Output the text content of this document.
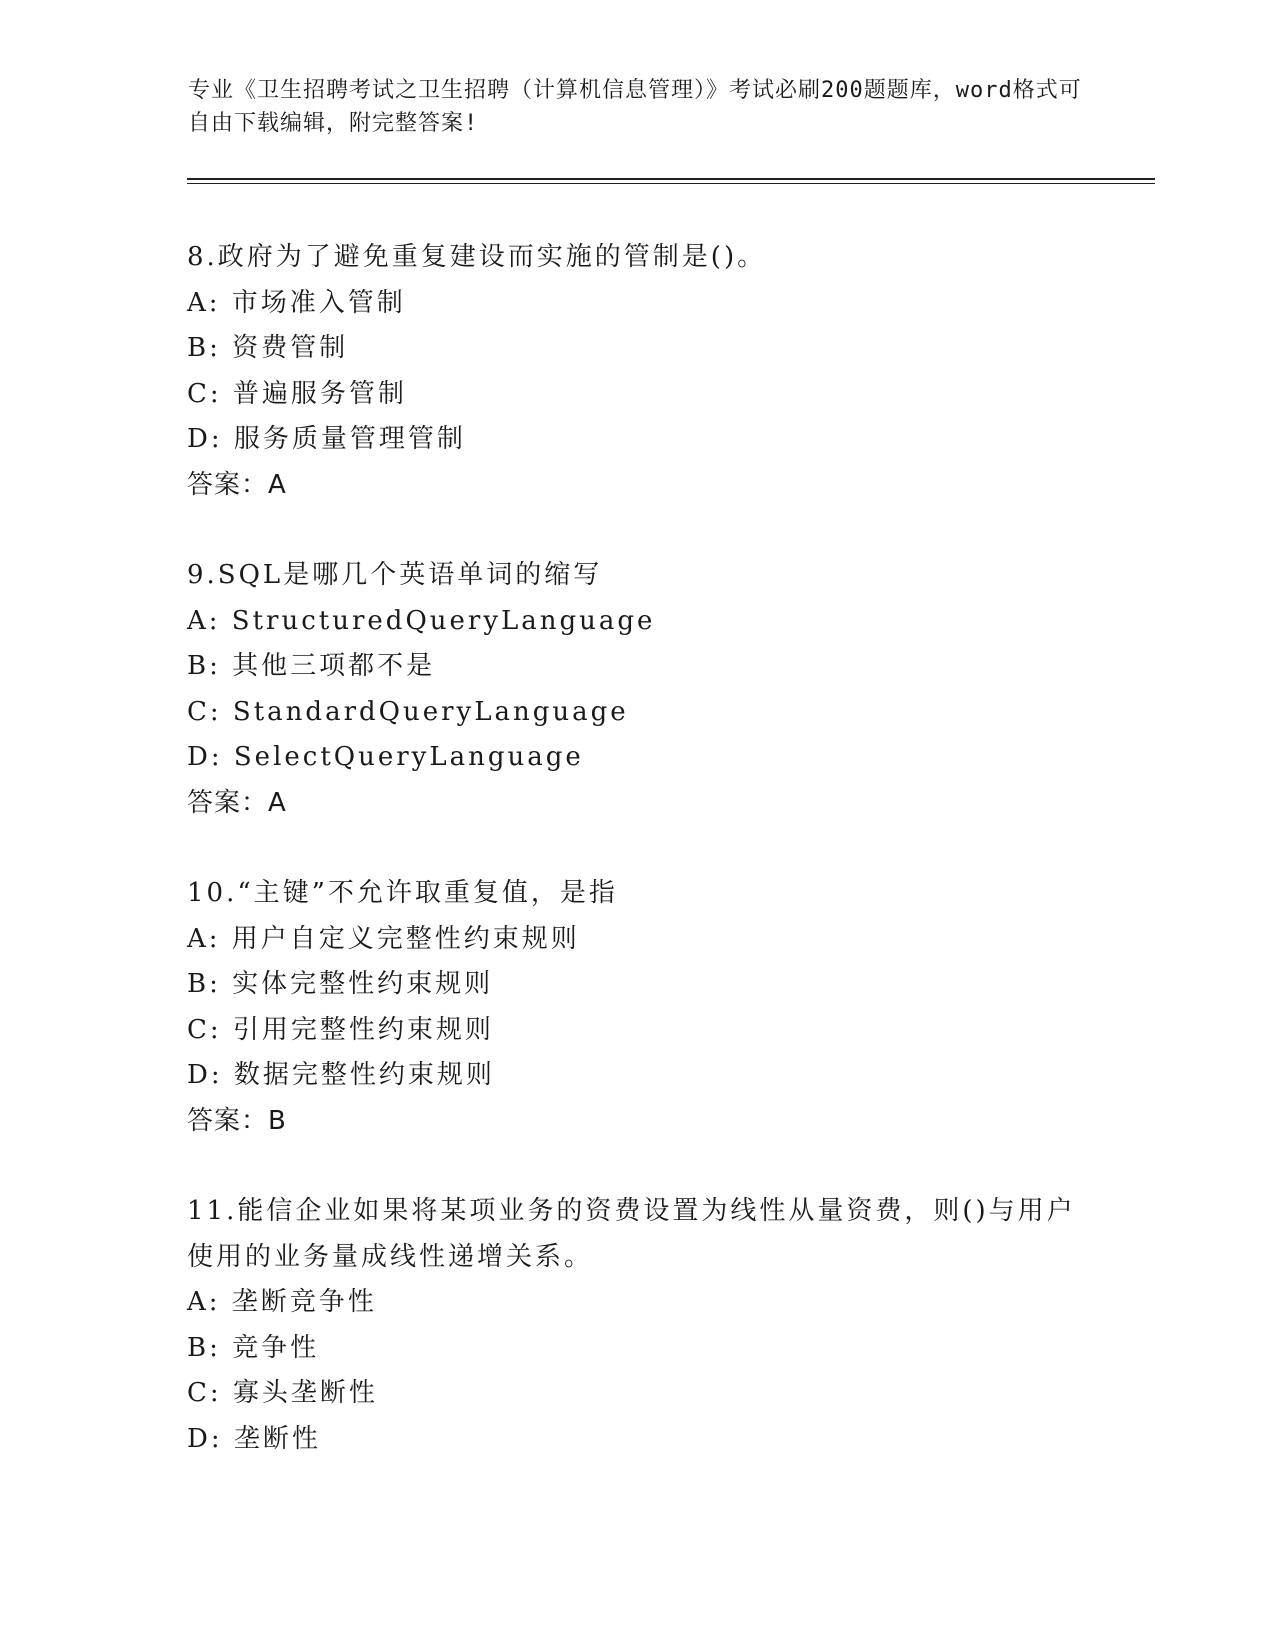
专业《卫生招聘考试之卫生招聘（计算机信息管理）》考试必刷200题题库，word格式可自由下载编辑，附完整答案!
8.政府为了避免重复建设而实施的管制是()。
A: 市场准入管制
B: 资费管制
C: 普遍服务管制
D: 服务质量管理管制
答案：A
9.SQL是哪几个英语单词的缩写
A: StructuredQueryLanguage
B: 其他三项都不是
C: StandardQueryLanguage
D: SelectQueryLanguage
答案：A
10.“主键”不允许取重复值，是指
A: 用户自定义完整性约束规则
B: 实体完整性约束规则
C: 引用完整性约束规则
D: 数据完整性约束规则
答案：B
11.能信企业如果将某项业务的资费设置为线性从量资费，则()与用户使用的业务量成线性递增关系。
A: 垄断竞争性
B: 竞争性
C: 寡头垄断性
D: 垄断性
